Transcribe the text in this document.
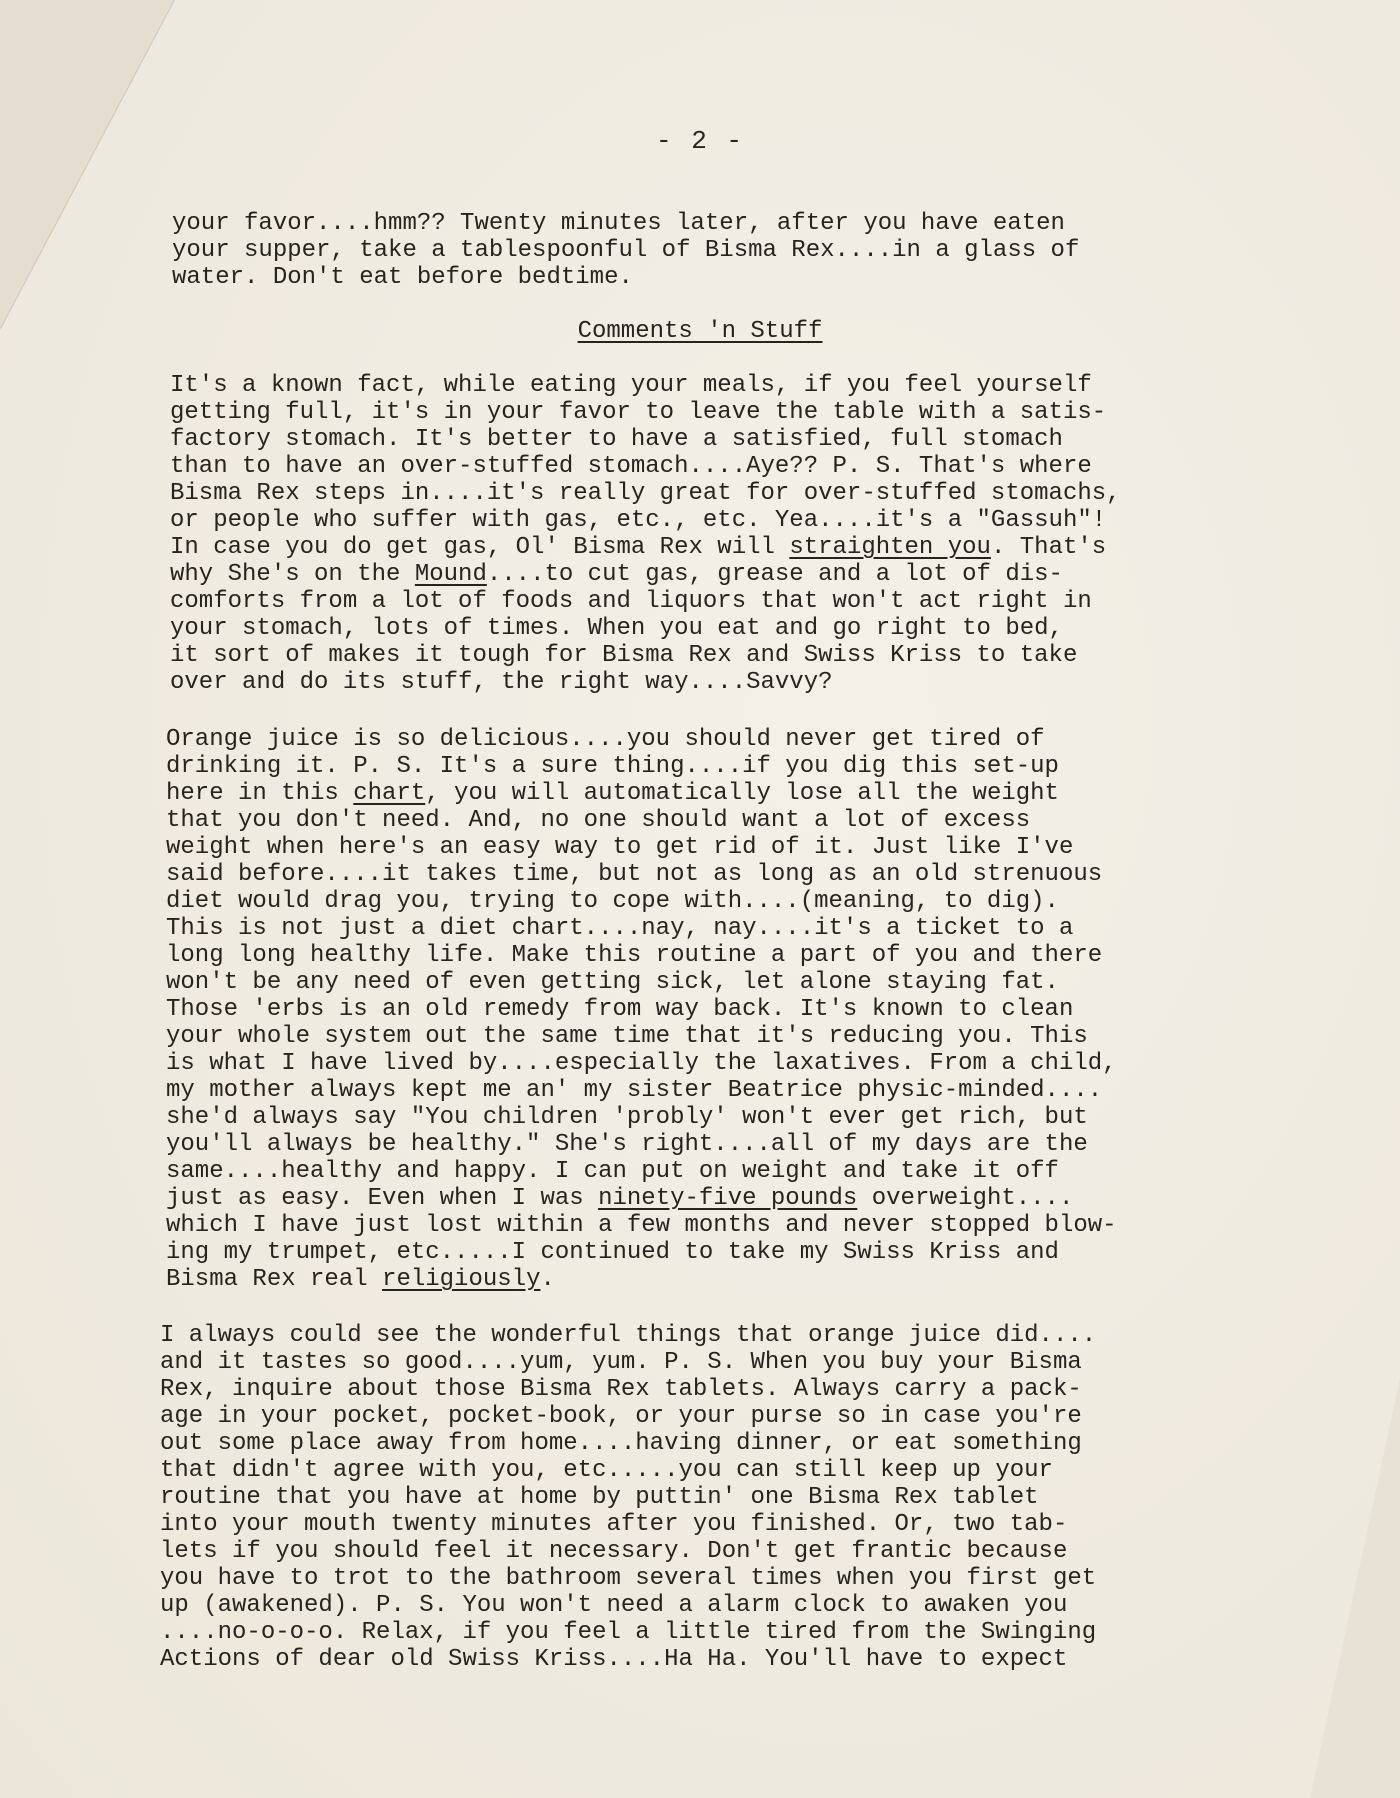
- 2 -
your favor....hmm?? Twenty minutes later, after you have eaten
your supper, take a tablespoonful of Bisma Rex....in a glass of
water. Don't eat before bedtime.
Comments 'n Stuff
It's a known fact, while eating your meals, if you feel yourself
getting full, it's in your favor to leave the table with a satis-
factory stomach. It's better to have a satisfied, full stomach
than to have an over-stuffed stomach....Aye?? P. S. That's where
Bisma Rex steps in....it's really great for over-stuffed stomachs,
or people who suffer with gas, etc., etc. Yea....it's a "Gassuh"!
In case you do get gas, Ol' Bisma Rex will straighten you. That's
why She's on the Mound....to cut gas, grease and a lot of dis-
comforts from a lot of foods and liquors that won't act right in
your stomach, lots of times. When you eat and go right to bed,
it sort of makes it tough for Bisma Rex and Swiss Kriss to take
over and do its stuff, the right way....Savvy?
Orange juice is so delicious....you should never get tired of
drinking it. P. S. It's a sure thing....if you dig this set-up
here in this chart, you will automatically lose all the weight
that you don't need. And, no one should want a lot of excess
weight when here's an easy way to get rid of it. Just like I've
said before....it takes time, but not as long as an old strenuous
diet would drag you, trying to cope with....(meaning, to dig).
This is not just a diet chart....nay, nay....it's a ticket to a
long long healthy life. Make this routine a part of you and there
won't be any need of even getting sick, let alone staying fat.
Those 'erbs is an old remedy from way back. It's known to clean
your whole system out the same time that it's reducing you. This
is what I have lived by....especially the laxatives. From a child,
my mother always kept me an' my sister Beatrice physic-minded....
she'd always say "You children 'probly' won't ever get rich, but
you'll always be healthy." She's right....all of my days are the
same....healthy and happy. I can put on weight and take it off
just as easy. Even when I was ninety-five pounds overweight....
which I have just lost within a few months and never stopped blow-
ing my trumpet, etc.....I continued to take my Swiss Kriss and
Bisma Rex real religiously.
I always could see the wonderful things that orange juice did....
and it tastes so good....yum, yum. P. S. When you buy your Bisma
Rex, inquire about those Bisma Rex tablets. Always carry a pack-
age in your pocket, pocket-book, or your purse so in case you're
out some place away from home....having dinner, or eat something
that didn't agree with you, etc.....you can still keep up your
routine that you have at home by puttin' one Bisma Rex tablet
into your mouth twenty minutes after you finished. Or, two tab-
lets if you should feel it necessary. Don't get frantic because
you have to trot to the bathroom several times when you first get
up (awakened). P. S. You won't need a alarm clock to awaken you
....no-o-o-o. Relax, if you feel a little tired from the Swinging
Actions of dear old Swiss Kriss....Ha Ha. You'll have to expect
